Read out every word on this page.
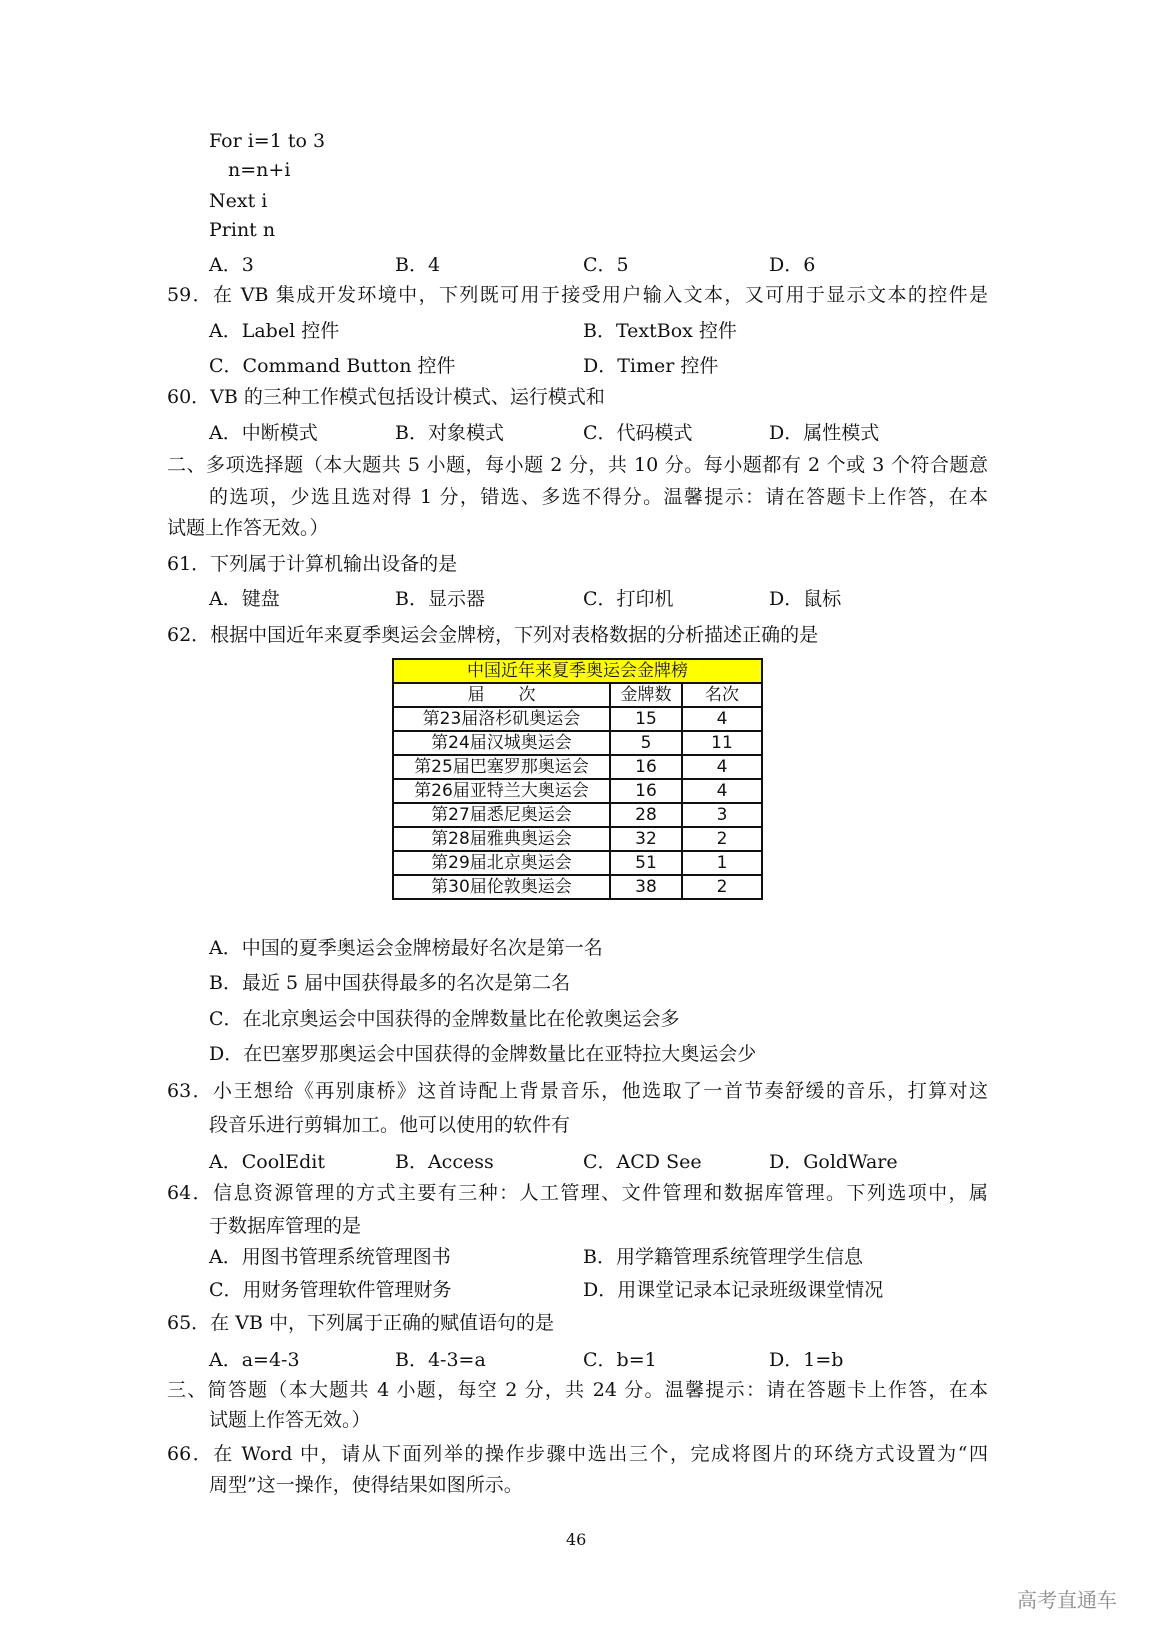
For i=1 to 3
n=n+i
Next i
Print n
A．3	B．4	C．5	D．6
59．在 VB 集成开发环境中，下列既可用于接受用户输入文本，又可用于显示文本的控件是
A．Label 控件	B．TextBox 控件
C．Command Button 控件	D．Timer 控件
60．VB 的三种工作模式包括设计模式、运行模式和
A．中断模式	B．对象模式	C．代码模式	D．属性模式
二、多项选择题（本大题共 5 小题，每小题 2 分，共 10 分。每小题都有 2 个或 3 个符合题意
的选项，少选且选对得 1 分，错选、多选不得分。温馨提示：请在答题卡上作答，在本
试题上作答无效。）
61．下列属于计算机输出设备的是
A．键盘	B．显示器	C．打印机	D．鼠标
62．根据中国近年来夏季奥运会金牌榜，下列对表格数据的分析描述正确的是
中国近年来夏季奥运会金牌榜		
届　　次	金牌数	名次
第23届洛杉矶奥运会	15	4
第24届汉城奥运会	5	11
第25届巴塞罗那奥运会	16	4
第26届亚特兰大奥运会	16	4
第27届悉尼奥运会	28	3
第28届雅典奥运会	32	2
第29届北京奥运会	51	1
第30届伦敦奥运会	38	2
A．中国的夏季奥运会金牌榜最好名次是第一名
B．最近 5 届中国获得最多的名次是第二名
C．在北京奥运会中国获得的金牌数量比在伦敦奥运会多
D．在巴塞罗那奥运会中国获得的金牌数量比在亚特拉大奥运会少
63．小王想给《再别康桥》这首诗配上背景音乐，他选取了一首节奏舒缓的音乐，打算对这
段音乐进行剪辑加工。他可以使用的软件有
A．CoolEdit	B．Access	C．ACD See	D．GoldWare
64．信息资源管理的方式主要有三种：人工管理、文件管理和数据库管理。下列选项中，属
于数据库管理的是
A．用图书管理系统管理图书	B．用学籍管理系统管理学生信息
C．用财务管理软件管理财务	D．用课堂记录本记录班级课堂情况
65．在 VB 中，下列属于正确的赋值语句的是
A．a=4-3	B．4-3=a	C．b=1	D．1=b
三、简答题（本大题共 4 小题，每空 2 分，共 24 分。温馨提示：请在答题卡上作答，在本
试题上作答无效。）
66．在 Word 中，请从下面列举的操作步骤中选出三个，完成将图片的环绕方式设置为“四
周型”这一操作，使得结果如图所示。
46
高考直通车
